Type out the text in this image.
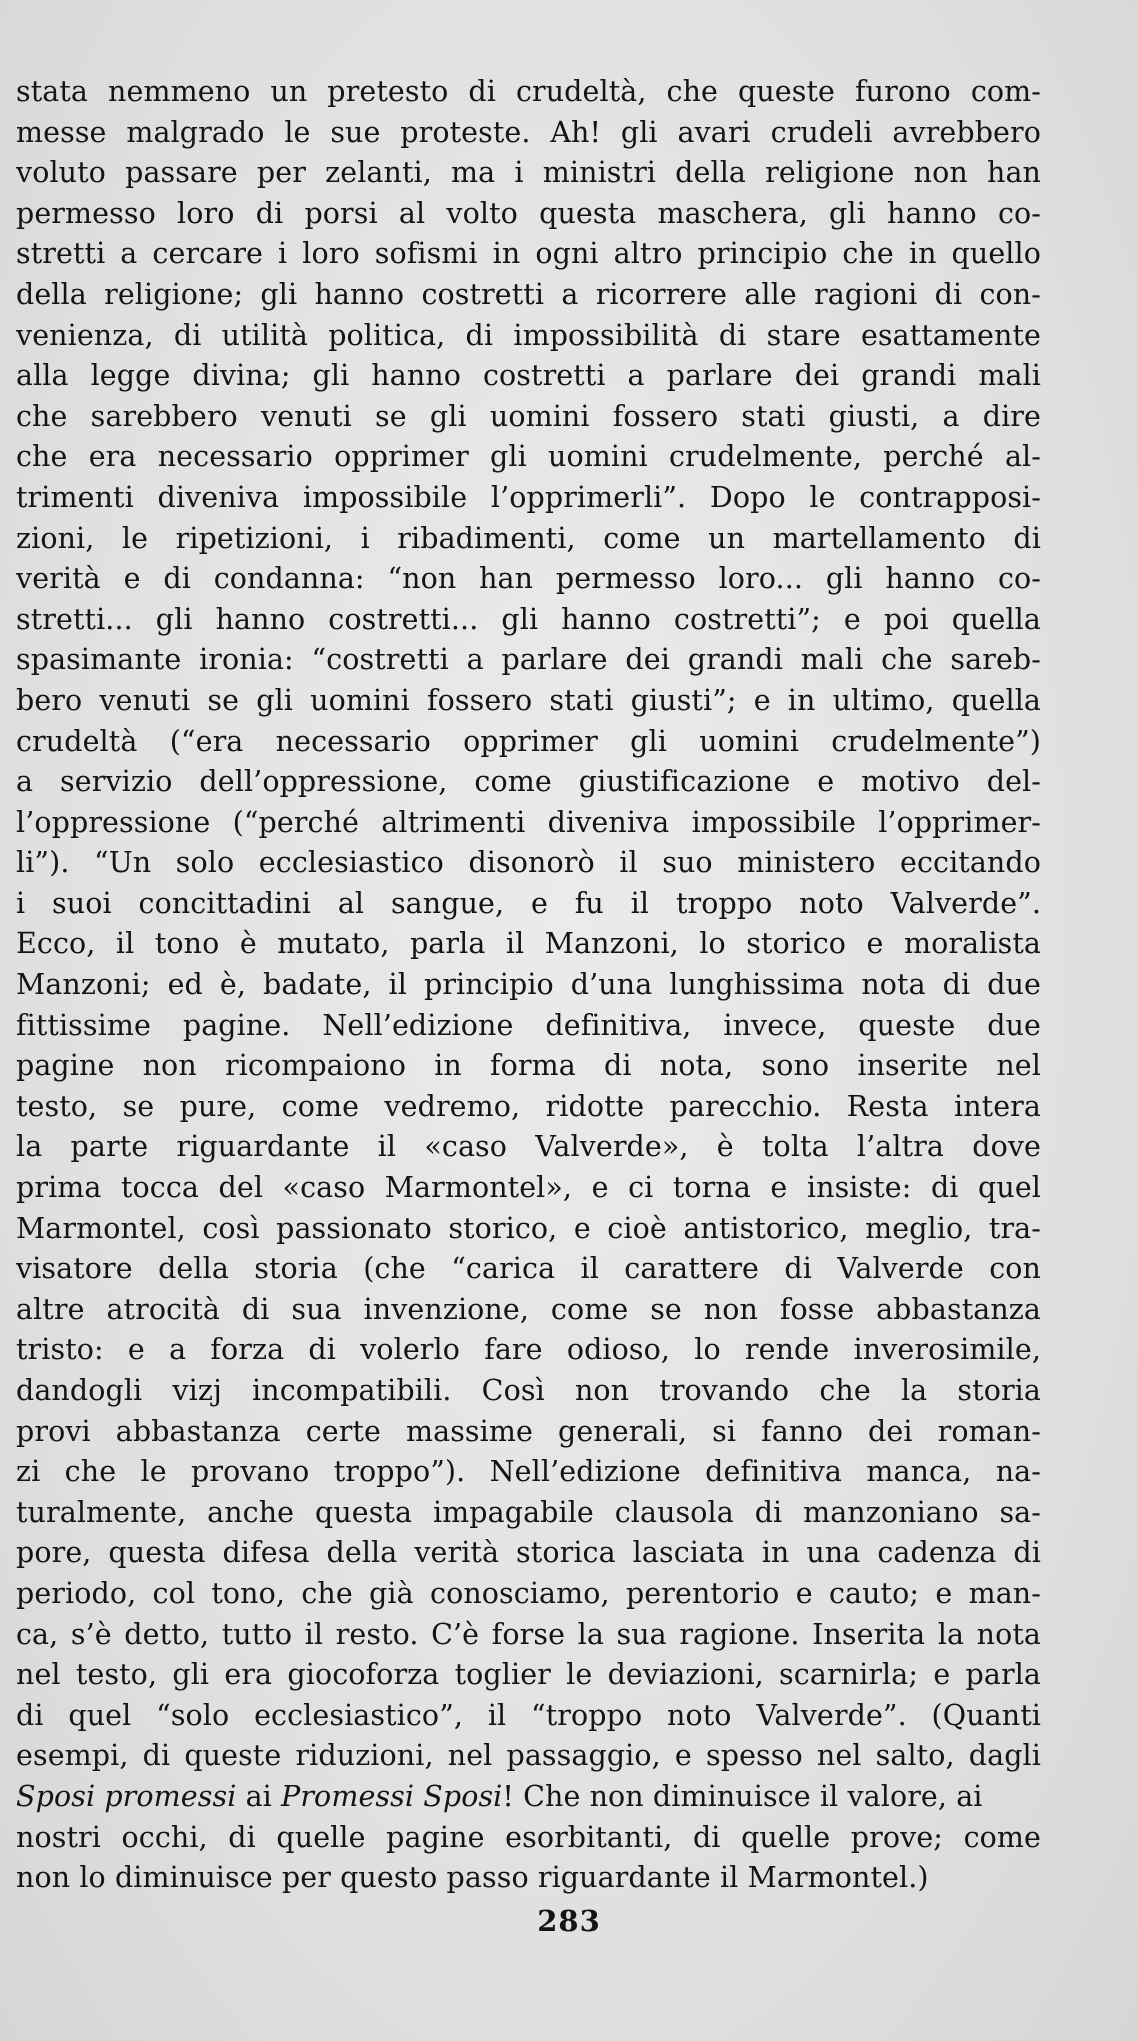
stata nemmeno un pretesto di crudeltà, che queste furono com-
messe malgrado le sue proteste. Ah! gli avari crudeli avrebbero
voluto passare per zelanti, ma i ministri della religione non han
permesso loro di porsi al volto questa maschera, gli hanno co-
stretti a cercare i loro sofismi in ogni altro principio che in quello
della religione; gli hanno costretti a ricorrere alle ragioni di con-
venienza, di utilità politica, di impossibilità di stare esattamente
alla legge divina; gli hanno costretti a parlare dei grandi mali
che sarebbero venuti se gli uomini fossero stati giusti, a dire
che era necessario opprimer gli uomini crudelmente, perché al-
trimenti diveniva impossibile l’opprimerli”. Dopo le contrapposi-
zioni, le ripetizioni, i ribadimenti, come un martellamento di
verità e di condanna: “non han permesso loro... gli hanno co-
stretti... gli hanno costretti... gli hanno costretti”; e poi quella
spasimante ironia: “costretti a parlare dei grandi mali che sareb-
bero venuti se gli uomini fossero stati giusti”; e in ultimo, quella
crudeltà (“era necessario opprimer gli uomini crudelmente”)
a servizio dell’oppressione, come giustificazione e motivo del-
l’oppressione (“perché altrimenti diveniva impossibile l’opprimer-
li”). “Un solo ecclesiastico disonorò il suo ministero eccitando
i suoi concittadini al sangue, e fu il troppo noto Valverde”.
Ecco, il tono è mutato, parla il Manzoni, lo storico e moralista
Manzoni; ed è, badate, il principio d’una lunghissima nota di due
fittissime pagine. Nell’edizione definitiva, invece, queste due
pagine non ricompaiono in forma di nota, sono inserite nel
testo, se pure, come vedremo, ridotte parecchio. Resta intera
la parte riguardante il «caso Valverde», è tolta l’altra dove
prima tocca del «caso Marmontel», e ci torna e insiste: di quel
Marmontel, così passionato storico, e cioè antistorico, meglio, tra-
visatore della storia (che “carica il carattere di Valverde con
altre atrocità di sua invenzione, come se non fosse abbastanza
tristo: e a forza di volerlo fare odioso, lo rende inverosimile,
dandogli vizj incompatibili. Così non trovando che la storia
provi abbastanza certe massime generali, si fanno dei roman-
zi che le provano troppo”). Nell’edizione definitiva manca, na-
turalmente, anche questa impagabile clausola di manzoniano sa-
pore, questa difesa della verità storica lasciata in una cadenza di
periodo, col tono, che già conosciamo, perentorio e cauto; e man-
ca, s’è detto, tutto il resto. C’è forse la sua ragione. Inserita la nota
nel testo, gli era giocoforza toglier le deviazioni, scarnirla; e parla
di quel “solo ecclesiastico”, il “troppo noto Valverde”. (Quanti
esempi, di queste riduzioni, nel passaggio, e spesso nel salto, dagli
Sposi promessi ai Promessi Sposi! Che non diminuisce il valore, ai
nostri occhi, di quelle pagine esorbitanti, di quelle prove; come
non lo diminuisce per questo passo riguardante il Marmontel.)
283
